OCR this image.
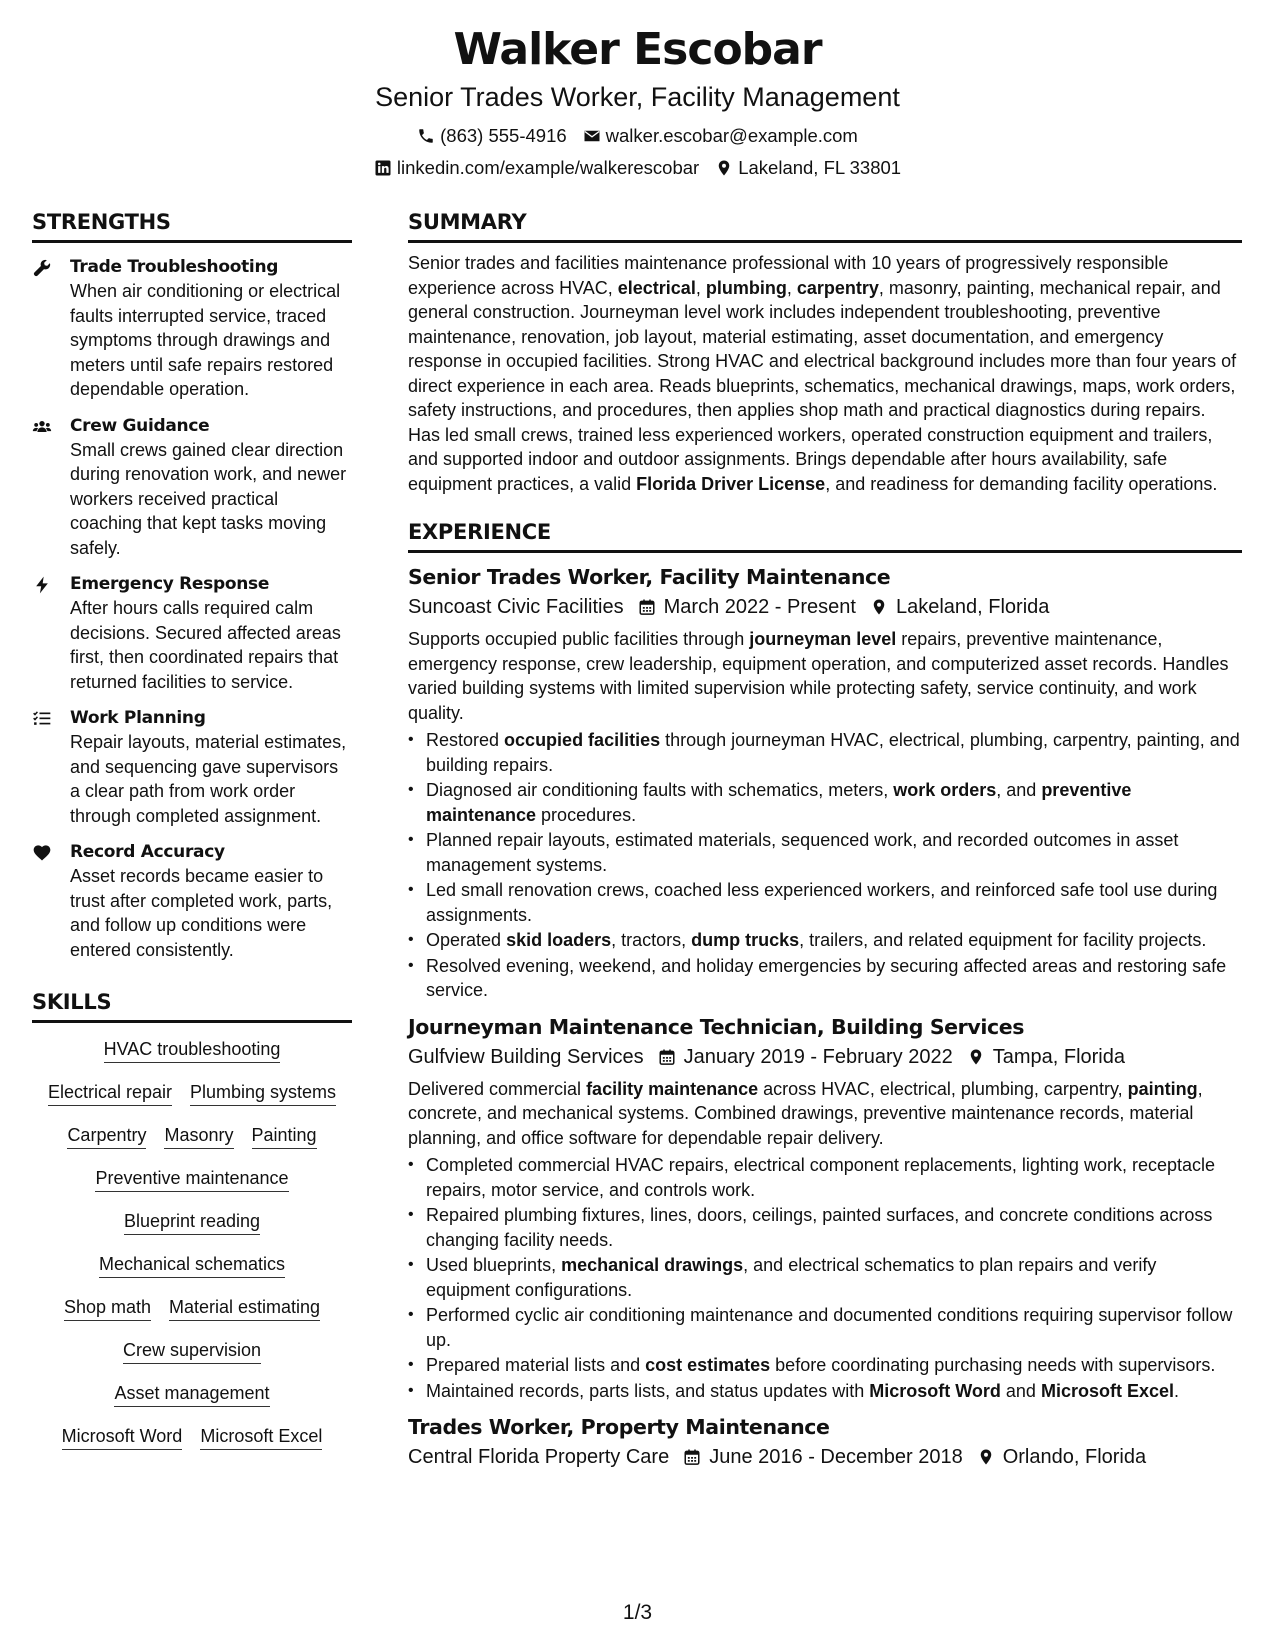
Walker Escobar
Senior Trades Worker, Facility Management
(863) 555-4916 walker.escobar@example.com
linkedin.com/example/walkerescobar Lakeland, FL 33801
STRENGTHS
Trade Troubleshooting
When air conditioning or electrical faults interrupted service, traced symptoms through drawings and meters until safe repairs restored dependable operation.
Crew Guidance
Small crews gained clear direction during renovation work, and newer workers received practical coaching that kept tasks moving safely.
Emergency Response
After hours calls required calm decisions. Secured affected areas first, then coordinated repairs that returned facilities to service.
Work Planning
Repair layouts, material estimates, and sequencing gave supervisors a clear path from work order through completed assignment.
Record Accuracy
Asset records became easier to trust after completed work, parts, and follow up conditions were entered consistently.
SKILLS
HVAC troubleshooting
Electrical repair Plumbing systems
Carpentry Masonry Painting
Preventive maintenance
Blueprint reading
Mechanical schematics
Shop math Material estimating
Crew supervision
Asset management
Microsoft Word Microsoft Excel
SUMMARY
Senior trades and facilities maintenance professional with 10 years of progressively responsible experience across HVAC, electrical, plumbing, carpentry, masonry, painting, mechanical repair, and general construction. Journeyman level work includes independent troubleshooting, preventive maintenance, renovation, job layout, material estimating, asset documentation, and emergency response in occupied facilities. Strong HVAC and electrical background includes more than four years of direct experience in each area. Reads blueprints, schematics, mechanical drawings, maps, work orders, safety instructions, and procedures, then applies shop math and practical diagnostics during repairs. Has led small crews, trained less experienced workers, operated construction equipment and trailers, and supported indoor and outdoor assignments. Brings dependable after hours availability, safe equipment practices, a valid Florida Driver License, and readiness for demanding facility operations.
EXPERIENCE
Senior Trades Worker, Facility Maintenance
Suncoast Civic Facilities March 2022 - Present Lakeland, Florida
Supports occupied public facilities through journeyman level repairs, preventive maintenance, emergency response, crew leadership, equipment operation, and computerized asset records. Handles varied building systems with limited supervision while protecting safety, service continuity, and work quality.
• Restored occupied facilities through journeyman HVAC, electrical, plumbing, carpentry, painting, and building repairs.
• Diagnosed air conditioning faults with schematics, meters, work orders, and preventive maintenance procedures.
• Planned repair layouts, estimated materials, sequenced work, and recorded outcomes in asset management systems.
• Led small renovation crews, coached less experienced workers, and reinforced safe tool use during assignments.
• Operated skid loaders, tractors, dump trucks, trailers, and related equipment for facility projects.
• Resolved evening, weekend, and holiday emergencies by securing affected areas and restoring safe service.
Journeyman Maintenance Technician, Building Services
Gulfview Building Services January 2019 - February 2022 Tampa, Florida
Delivered commercial facility maintenance across HVAC, electrical, plumbing, carpentry, painting, concrete, and mechanical systems. Combined drawings, preventive maintenance records, material planning, and office software for dependable repair delivery.
• Completed commercial HVAC repairs, electrical component replacements, lighting work, receptacle repairs, motor service, and controls work.
• Repaired plumbing fixtures, lines, doors, ceilings, painted surfaces, and concrete conditions across changing facility needs.
• Used blueprints, mechanical drawings, and electrical schematics to plan repairs and verify equipment configurations.
• Performed cyclic air conditioning maintenance and documented conditions requiring supervisor follow up.
• Prepared material lists and cost estimates before coordinating purchasing needs with supervisors.
• Maintained records, parts lists, and status updates with Microsoft Word and Microsoft Excel.
Trades Worker, Property Maintenance
Central Florida Property Care June 2016 - December 2018 Orlando, Florida
1/3
